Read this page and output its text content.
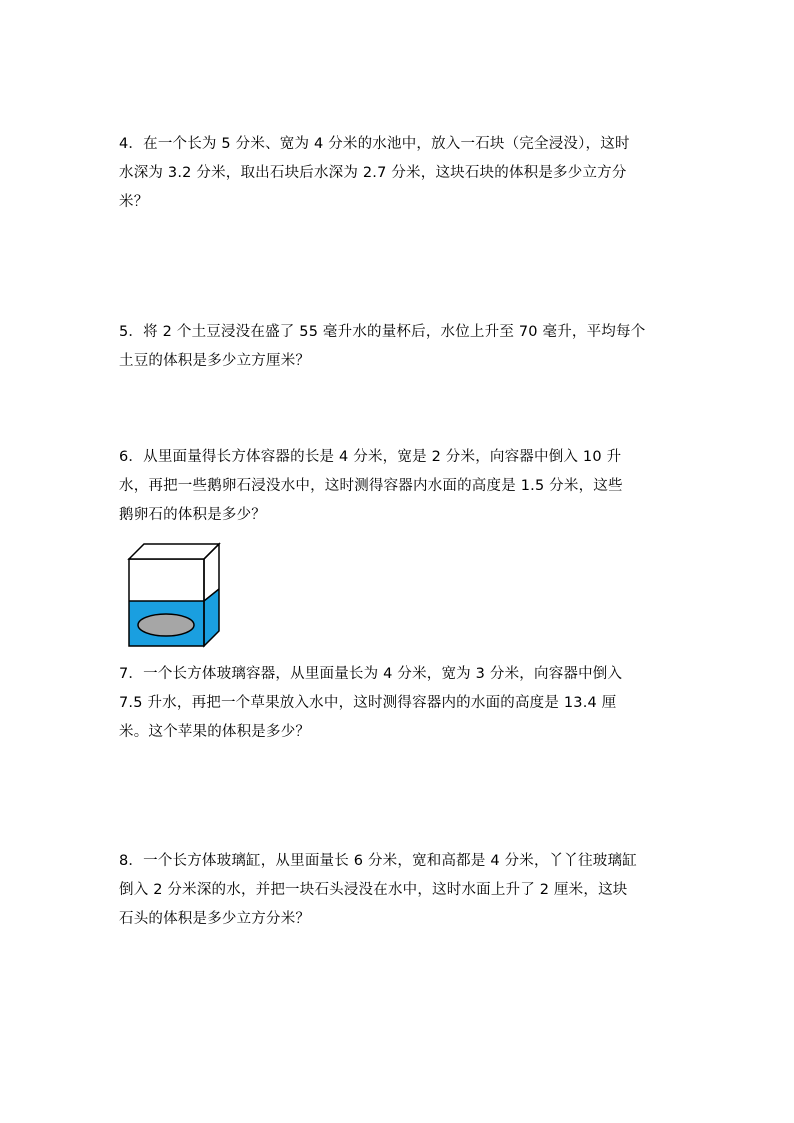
4．在一个长为 5 分米、宽为 4 分米的水池中，放入一石块（完全浸没），这时
水深为 3.2 分米，取出石块后水深为 2.7 分米，这块石块的体积是多少立方分
米？
5．将 2 个土豆浸没在盛了 55 毫升水的量杯后，水位上升至 70 毫升，平均每个
土豆的体积是多少立方厘米？
6．从里面量得长方体容器的长是 4 分米，宽是 2 分米，向容器中倒入 10 升
水，再把一些鹅卵石浸没水中，这时测得容器内水面的高度是 1.5 分米，这些
鹅卵石的体积是多少？
7．一个长方体玻璃容器，从里面量长为 4 分米，宽为 3 分米，向容器中倒入
7.5 升水，再把一个草果放入水中，这时测得容器内的水面的高度是 13.4 厘
米。这个苹果的体积是多少？
8．一个长方体玻璃缸，从里面量长 6 分米，宽和高都是 4 分米，丫丫往玻璃缸
倒入 2 分米深的水，并把一块石头浸没在水中，这时水面上升了 2 厘米，这块
石头的体积是多少立方分米？
